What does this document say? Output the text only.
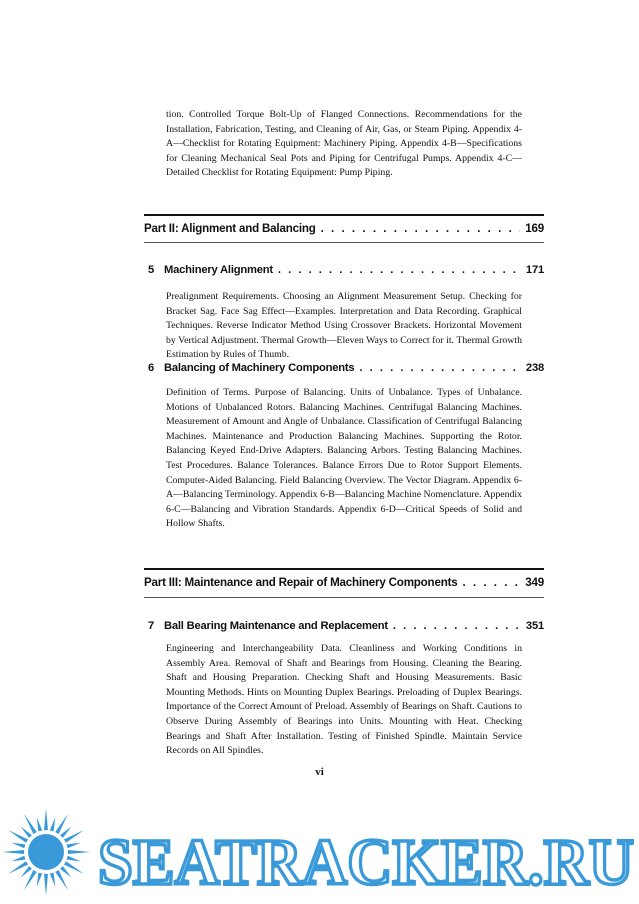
tion. Controlled Torque Bolt-Up of Flanged Connections. Recommendations for the Installation, Fabrication, Testing, and Cleaning of Air, Gas, or Steam Piping. Appendix 4-A—Checklist for Rotating Equipment: Machinery Piping. Appendix 4-B—Specifications for Cleaning Mechanical Seal Pots and Piping for Centrifugal Pumps. Appendix 4-C—Detailed Checklist for Rotating Equipment: Pump Piping.

Part II: Alignment and Balancing . . .	169
5 Machinery Alignment . . .	171

Prealignment Requirements. Choosing an Alignment Measurement Setup. Checking for Bracket Sag. Face Sag Effect—Examples. Interpretation and Data Recording. Graphical Techniques. Reverse Indicator Method Using Crossover Brackets. Horizontal Movement by Vertical Adjustment. Thermal Growth—Eleven Ways to Correct for it. Thermal Growth Estimation by Rules of Thumb.

6 Balancing of Machinery Components . . .	238

Definition of Terms. Purpose of Balancing. Units of Unbalance. Types of Unbalance. Motions of Unbalanced Rotors. Balancing Machines. Centrifugal Balancing Machines. Measurement of Amount and Angle of Unbalance. Classification of Centrifugal Balancing Machines. Maintenance and Production Balancing Machines. Supporting the Rotor. Balancing Keyed End-Drive Adapters. Balancing Arbors. Testing Balancing Machines. Test Procedures. Balance Tolerances. Balance Errors Due to Rotor Support Elements. Computer-Aided Balancing. Field Balancing Overview. The Vector Diagram. Appendix 6-A—Balancing Terminology. Appendix 6-B—Balancing Machine Nomenclature. Appendix 6-C—Balancing and Vibration Standards. Appendix 6-D—Critical Speeds of Solid and Hollow Shafts.

Part III: Maintenance and Repair of Machinery Components . . .	349
7 Ball Bearing Maintenance and Replacement . . .	351

Engineering and Interchangeability Data. Cleanliness and Working Conditions in Assembly Area. Removal of Shaft and Bearings from Housing. Cleaning the Bearing. Shaft and Housing Preparation. Checking Shaft and Housing Measurements. Basic Mounting Methods. Hints on Mounting Duplex Bearings. Preloading of Duplex Bearings. Importance of the Correct Amount of Preload. Assembly of Bearings on Shaft. Cautions to Observe During Assembly of Bearings into Units. Mounting with Heat. Checking Bearings and Shaft After Installation. Testing of Finished Spindle. Maintain Service Records on All Spindles.

vi
SEATRACKER.RU
